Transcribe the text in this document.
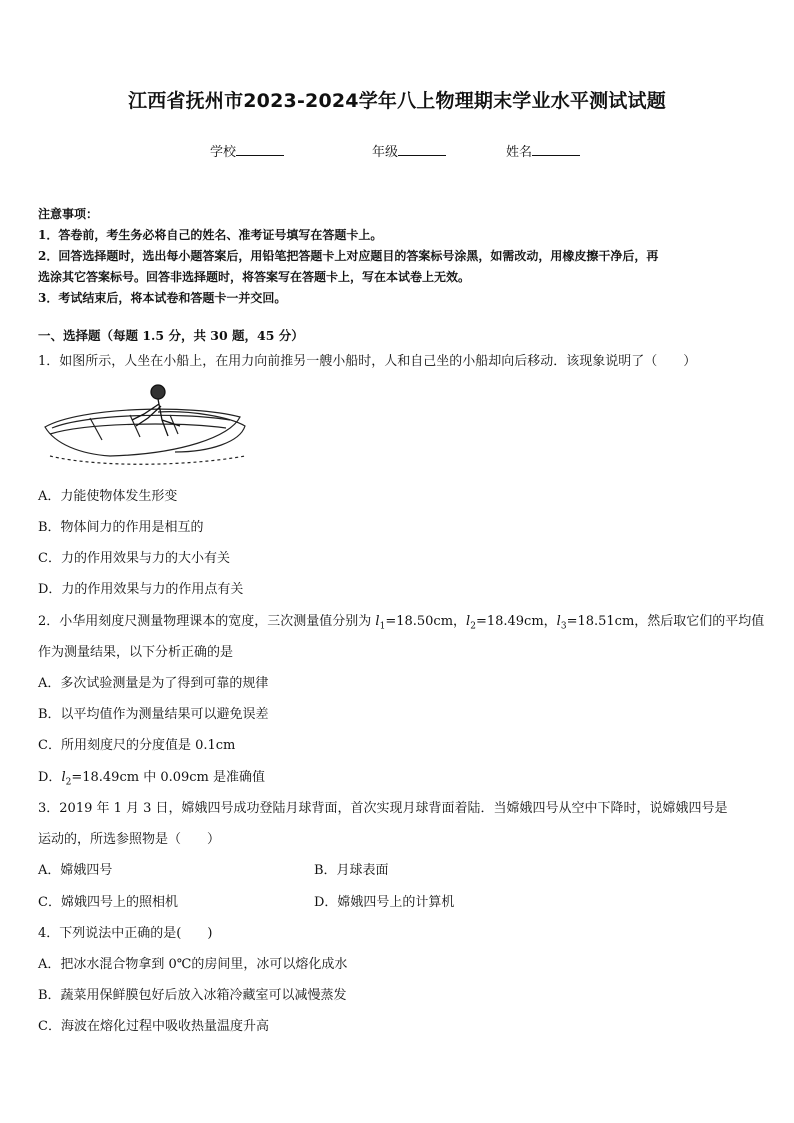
江西省抚州市2023-2024学年八上物理期末学业水平测试试题
学校	年级	姓名
注意事项：
1．答卷前，考生务必将自己的姓名、准考证号填写在答题卡上。
2．回答选择题时，选出每小题答案后，用铅笔把答题卡上对应题目的答案标号涂黑，如需改动，用橡皮擦干净后，再
选涂其它答案标号。回答非选择题时，将答案写在答题卡上，写在本试卷上无效。
3．考试结束后，将本试卷和答题卡一并交回。
一、选择题（每题 1.5 分，共 30 题，45 分）
1．如图所示，人坐在小船上，在用力向前推另一艘小船时，人和自己坐的小船却向后移动．该现象说明了（　　）
A．力能使物体发生形变
B．物体间力的作用是相互的
C．力的作用效果与力的大小有关
D．力的作用效果与力的作用点有关
2．小华用刻度尺测量物理课本的宽度，三次测量值分别为 $l_1=18.50cm$，$l_2=18.49cm$，$l_3=18.51cm$，然后取它们的平均值
作为测量结果，以下分析正确的是
A．多次试验测量是为了得到可靠的规律
B．以平均值作为测量结果可以避免误差
C．所用刻度尺的分度值是 0.1cm
D．$l_2=18.49cm$ 中 0.09cm 是准确值
3．2019 年 1 月 3 日，嫦娥四号成功登陆月球背面，首次实现月球背面着陆．当嫦娥四号从空中下降时，说嫦娥四号是
运动的，所选参照物是（　　）
A．嫦娥四号	B．月球表面
C．嫦娥四号上的照相机	D．嫦娥四号上的计算机
4．下列说法中正确的是(　　)
A．把冰水混合物拿到 0℃的房间里，冰可以熔化成水
B．蔬菜用保鲜膜包好后放入冰箱冷藏室可以减慢蒸发
C．海波在熔化过程中吸收热量温度升高
